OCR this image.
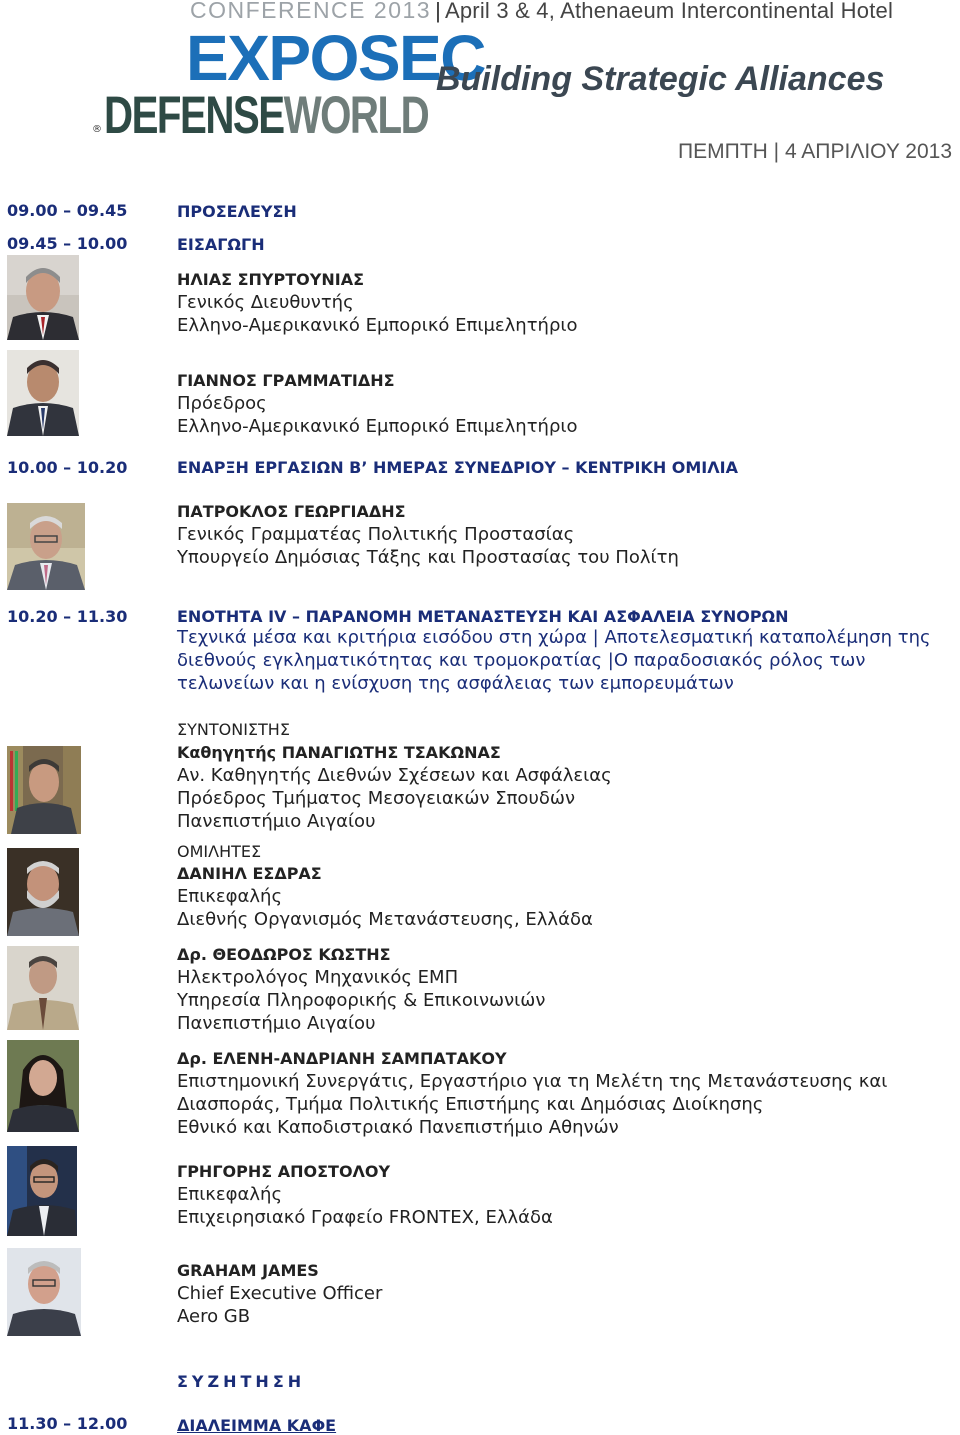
CONFERENCE 2013 | April 3 & 4, Athenaeum Intercontinental Hotel
EXPOSEC
® DEFENSEWORLD
Building Strategic Alliances
ΠΕΜΠΤΗ | 4 ΑΠΡΙΛΙΟΥ 2013
09.00 – 09.45	ΠΡΟΣΕΛΕΥΣΗ
09.45 – 10.00	ΕΙΣΑΓΩΓΗ
ΗΛΙΑΣ ΣΠΥΡΤΟΥΝΙΑΣ
Γενικός Διευθυντής
Ελληνο-Αμερικανικό Εμπορικό Επιμελητήριο
ΓΙΑΝΝΟΣ ΓΡΑΜΜΑΤΙΔΗΣ
Πρόεδρος
Ελληνο-Αμερικανικό Εμπορικό Επιμελητήριο
10.00 – 10.20	ΕΝΑΡΞΗ ΕΡΓΑΣΙΩΝ Β’ ΗΜΕΡΑΣ ΣΥΝΕΔΡΙΟΥ – ΚΕΝΤΡΙΚΗ ΟΜΙΛΙΑ
ΠΑΤΡΟΚΛΟΣ ΓΕΩΡΓΙΑΔΗΣ
Γενικός Γραμματέας Πολιτικής Προστασίας
Υπουργείο Δημόσιας Τάξης και Προστασίας του Πολίτη
10.20 – 11.30	ΕΝΟΤΗΤΑ IV – ΠΑΡΑΝΟΜΗ ΜΕΤΑΝΑΣΤΕΥΣΗ ΚΑΙ ΑΣΦΑΛΕΙΑ ΣΥΝΟΡΩΝ
Τεχνικά μέσα και κριτήρια εισόδου στη χώρα | Αποτελεσματική καταπολέμηση της διεθνούς εγκληματικότητας και τρομοκρατίας |Ο παραδοσιακός ρόλος των τελωνείων και η ενίσχυση της ασφάλειας των εμπορευμάτων
ΣΥΝΤΟΝΙΣΤΗΣ
Καθηγητής ΠΑΝΑΓΙΩΤΗΣ ΤΣΑΚΩΝΑΣ
Αν. Καθηγητής Διεθνών Σχέσεων και Ασφάλειας
Πρόεδρος Τμήματος Μεσογειακών Σπουδών
Πανεπιστήμιο Αιγαίου
ΟΜΙΛΗΤΕΣ
ΔΑΝΙΗΛ ΕΣΔΡΑΣ
Επικεφαλής
Διεθνής Οργανισμός Μετανάστευσης, Ελλάδα
Δρ. ΘΕΟΔΩΡΟΣ ΚΩΣΤΗΣ
Ηλεκτρολόγος Μηχανικός ΕΜΠ
Υπηρεσία Πληροφορικής & Επικοινωνιών
Πανεπιστήμιο Αιγαίου
Δρ. ΕΛΕΝΗ-ΑΝΔΡΙΑΝΗ ΣΑΜΠΑΤΑΚΟΥ
Επιστημονική Συνεργάτις, Εργαστήριο για τη Μελέτη της Μετανάστευσης και
Διασποράς, Τμήμα Πολιτικής Επιστήμης και Δημόσιας Διοίκησης
Εθνικό και Καποδιστριακό Πανεπιστήμιο Αθηνών
ΓΡΗΓΟΡΗΣ ΑΠΟΣΤΟΛΟΥ
Επικεφαλής
Επιχειρησιακό Γραφείο FRONTEX, Ελλάδα
GRAHAM JAMES
Chief Executive Officer
Aero GB
ΣΥΖΗΤΗΣΗ
11.30 – 12.00	ΔΙΑΛΕΙΜΜΑ ΚΑΦΕ
